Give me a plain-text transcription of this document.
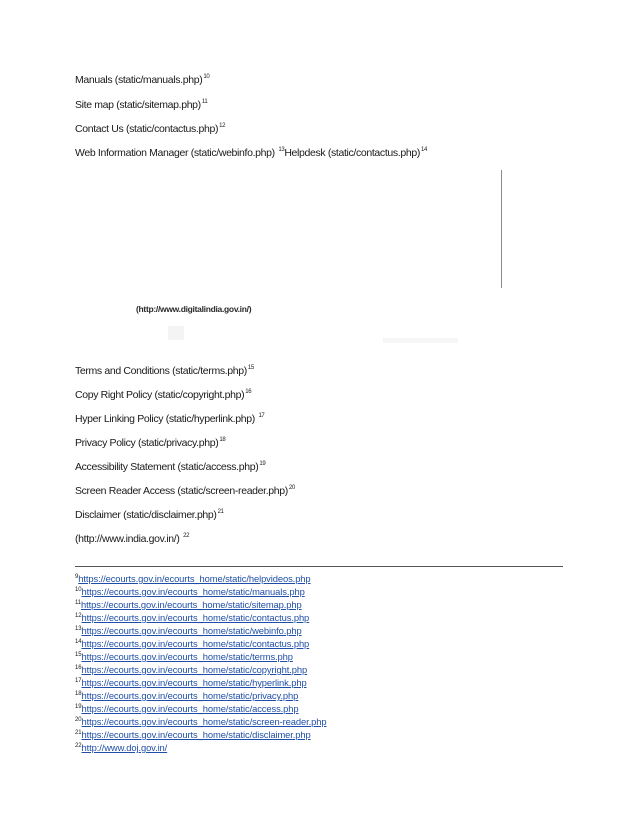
Manuals (static/manuals.php)$^{10}$
Site map (static/sitemap.php)$^{11}$
Contact Us (static/contactus.php)$^{12}$
Web Information Manager (static/webinfo.php) $^{13}$Helpdesk (static/contactus.php)$^{14}$
(http://www.digitalindia.gov.in/)
Terms and Conditions (static/terms.php)$^{15}$
Copy Right Policy (static/copyright.php)$^{16}$
Hyper Linking Policy (static/hyperlink.php) $^{17}$
Privacy Policy (static/privacy.php)$^{18}$
Accessibility Statement (static/access.php)$^{19}$
Screen Reader Access (static/screen-reader.php)$^{20}$
Disclaimer (static/disclaimer.php)$^{21}$
(http://www.india.gov.in/) $^{22}$
$^9$https://ecourts.gov.in/ecourts_home/static/helpvideos.php
$^{10}$https://ecourts.gov.in/ecourts_home/static/manuals.php
$^{11}$https://ecourts.gov.in/ecourts_home/static/sitemap.php
$^{12}$https://ecourts.gov.in/ecourts_home/static/contactus.php
$^{13}$https://ecourts.gov.in/ecourts_home/static/webinfo.php
$^{14}$https://ecourts.gov.in/ecourts_home/static/contactus.php
$^{15}$https://ecourts.gov.in/ecourts_home/static/terms.php
$^{16}$https://ecourts.gov.in/ecourts_home/static/copyright.php
$^{17}$https://ecourts.gov.in/ecourts_home/static/hyperlink.php
$^{18}$https://ecourts.gov.in/ecourts_home/static/privacy.php
$^{19}$https://ecourts.gov.in/ecourts_home/static/access.php
$^{20}$https://ecourts.gov.in/ecourts_home/static/screen-reader.php
$^{21}$https://ecourts.gov.in/ecourts_home/static/disclaimer.php
$^{22}$http://www.doj.gov.in/
